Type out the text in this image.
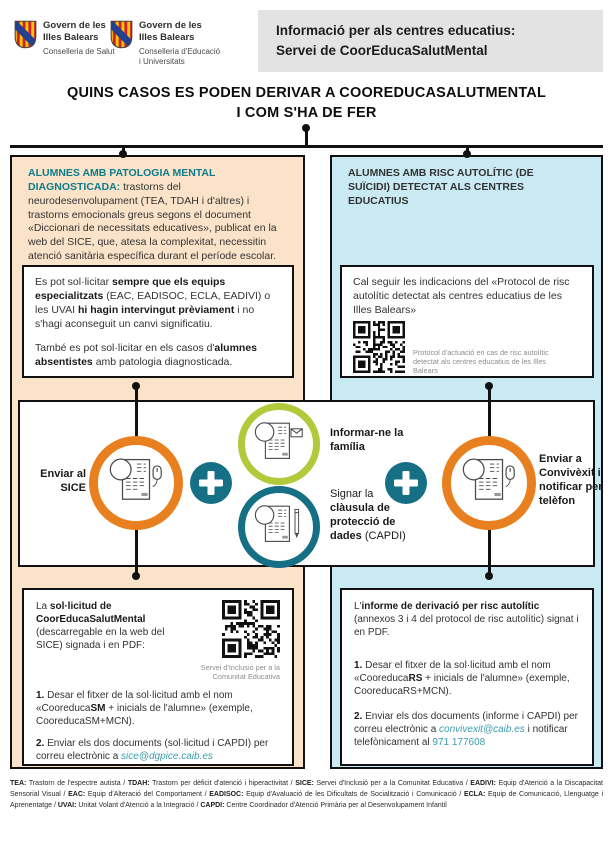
Govern de les
Illes Balears
Conselleria de Salut
Govern de les
Illes Balears
Conselleria d'Educació
i Universitats
Informació per als centres educatius:
Servei de CoorEducaSalutMental
QUINS CASOS ES PODEN DERIVAR A COOREDUCASALUTMENTAL
I COM S'HA DE FER

ALUMNES AMB PATOLOGIA MENTAL DIAGNOSTICADA: trastorns del neurodesenvolupament (TEA, TDAH i d'altres) i trastorns emocionals greus segons el document «Diccionari de necessitats educatives», publicat en la web del SICE, que, atesa la complexitat, necessitin atenció sanitària específica durant el període escolar.

ALUMNES AMB RISC AUTOLÍTIC (DE SUÏCIDI) DETECTAT ALS CENTRES EDUCATIUS

Es pot sol·licitar sempre que els equips especialitzats (EAC, EADISOC, ECLA, EADIVI) o les UVAI hi hagin intervingut prèviament i no s'hagi aconseguit un canvi significatiu.

També es pot sol·licitar en els casos d'alumnes absentistes amb patologia diagnosticada.

Cal seguir les indicacions del «Protocol de risc autolític detectat als centres educatius de les Illes Balears»

Protocol d'actuació en cas de risc autolític detectat als centres educatius de les Illes Balears
Enviar al SICE
Informar-ne la família
Signar la clàusula de protecció de dades (CAPDI)
Enviar a Convivèxit i notificar per telèfon

La sol·licitud de CoorEducaSalutMental (descarregable en la web del SICE) signada i en PDF:

Servei d'Inclusió per a la Comunitat Educativa

1. Desar el fitxer de la sol·licitud amb el nom «CooreducaSM + inicials de l'alumne» (exemple, CooreducaSM+MCN).

2. Enviar els dos documents (sol·licitud i CAPDI) per correu electrònic a sice@dgpice.caib.es

L'informe de derivació per risc autolític (annexos 3 i 4 del protocol de risc autolític) signat i en PDF.

1. Desar el fitxer de la sol·licitud amb el nom «CooreducaRS + inicials de l'alumne» (exemple, CooreducaRS+MCN).

2. Enviar els dos documents (informe i CAPDI) per correu electrònic a convivexit@caib.es i notificar telefònicament al 971 177608

TEA: Trastorn de l'espectre autista / TDAH: Trastorn per dèficit d'atenció i hiperactivitat / SICE: Servei d'Inclusió per a la Comunitat Educativa / EADIVI: Equip d'Atenció a la Discapacitat Sensorial Visual / EAC: Equip d'Alteració del Comportament / EADISOC: Equip d'Avaluació de les Dificultats de Socialització i Comunicació / ECLA: Equip de Comunicació, Llenguatge i Aprenentatge / UVAI: Unitat Volant d'Atenció a la Integració / CAPDI: Centre Coordinador d'Atenció Primària per al Desenvolupament Infantil
